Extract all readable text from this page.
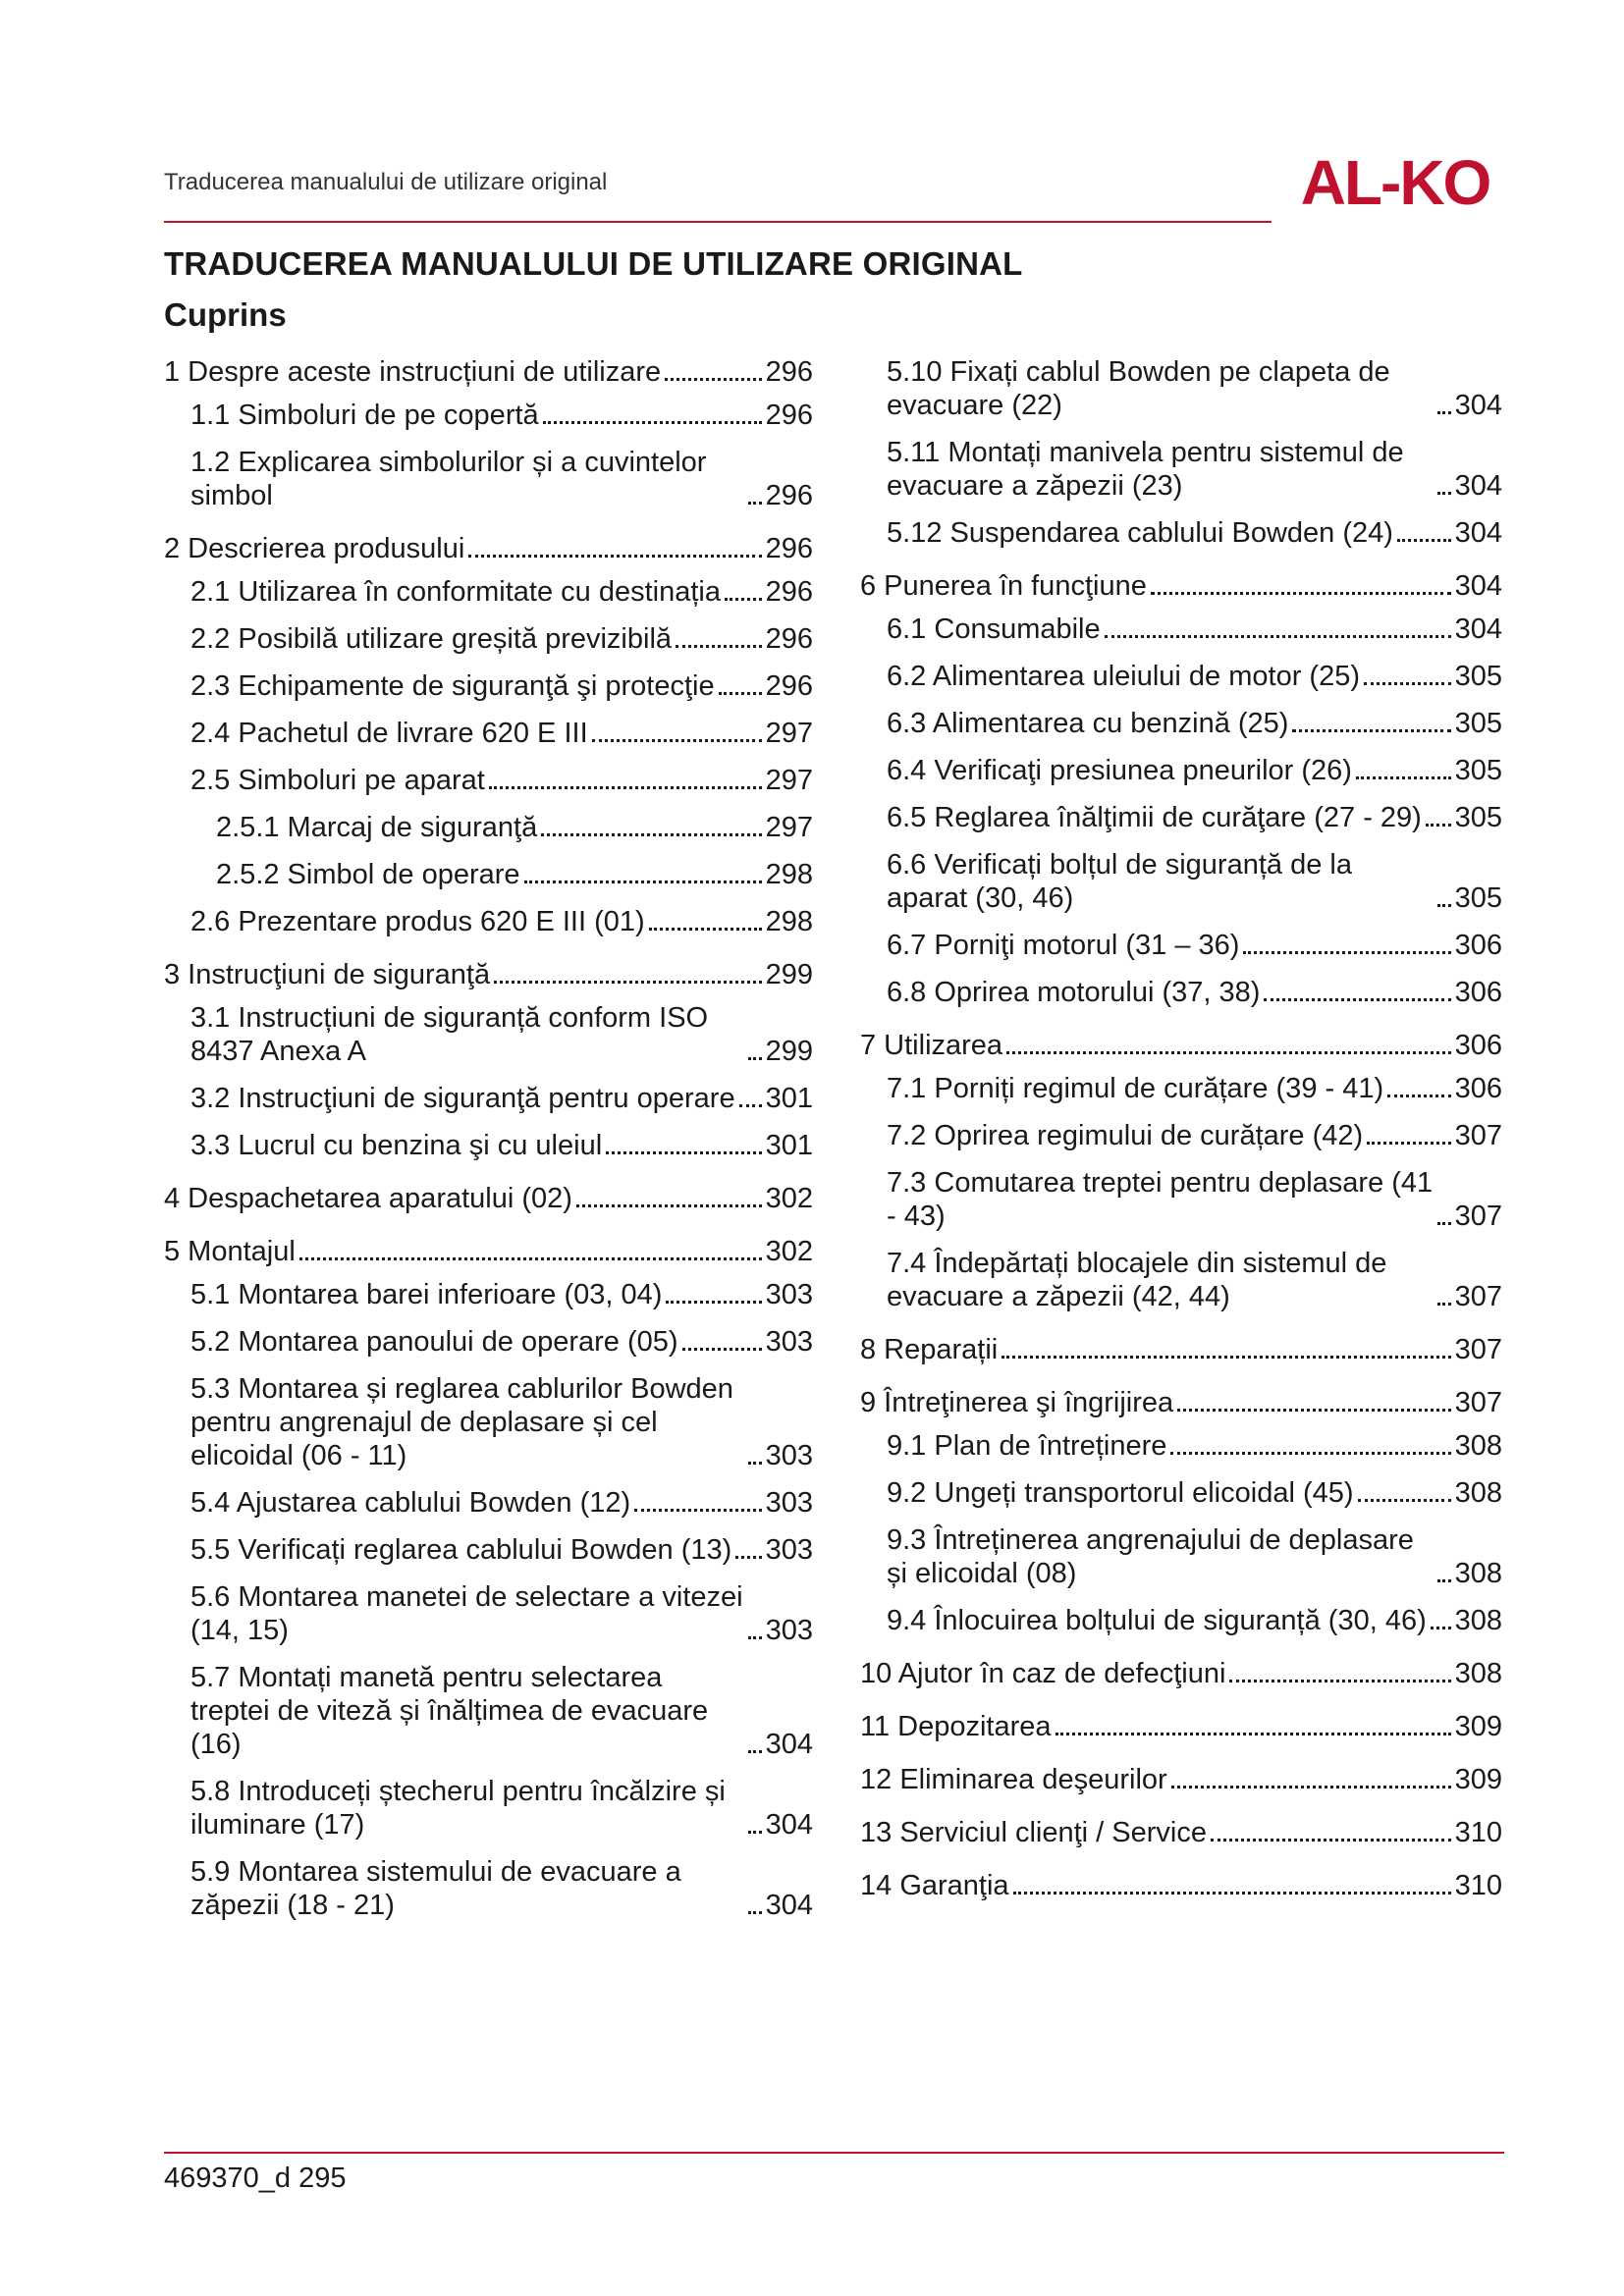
Traducerea manualului de utilizare original	AL-KO
TRADUCEREA MANUALULUI DE UTILIZARE ORIGINAL
Cuprins
1 Despre aceste instrucțiuni de utilizare	296
1.1 Simboluri de pe copertă	296
1.2 Explicarea simbolurilor și a cuvintelor simbol	296
2 Descrierea produsului	296
2.1 Utilizarea în conformitate cu destinația 296
2.2 Posibilă utilizare greșită previzibilă	296
2.3 Echipamente de siguranţă şi protecţie 296
2.4 Pachetul de livrare 620 E III	297
2.5 Simboluri pe aparat	297
2.5.1 Marcaj de siguranţă	297
2.5.2 Simbol de operare	298
2.6 Prezentare produs 620 E III (01)	298
3 Instrucţiuni de siguranţă	299
3.1 Instrucțiuni de siguranță conform ISO 8437 Anexa A	299
3.2 Instrucţiuni de siguranţă pentru operare 301
3.3 Lucrul cu benzina şi cu uleiul	301
4 Despachetarea aparatului (02)	302
5 Montajul	302
5.1 Montarea barei inferioare (03, 04)	303
5.2 Montarea panoului de operare (05)	303
5.3 Montarea și reglarea cablurilor Bowden pentru angrenajul de deplasare și cel elicoidal (06 - 11)	303
5.4 Ajustarea cablului Bowden (12)	303
5.5 Verificați reglarea cablului Bowden (13) 303
5.6 Montarea manetei de selectare a vitezei (14, 15)	303
5.7 Montați manetă pentru selectarea treptei de viteză și înălțimea de evacuare (16)	304
5.8 Introduceți ștecherul pentru încălzire și iluminare (17)	304
5.9 Montarea sistemului de evacuare a zăpezii (18 - 21)	304
5.10 Fixați cablul Bowden pe clapeta de evacuare (22)	304
5.11 Montați manivela pentru sistemul de evacuare a zăpezii (23)	304
5.12 Suspendarea cablului Bowden (24) 304
6 Punerea în funcţiune	304
6.1 Consumabile	304
6.2 Alimentarea uleiului de motor (25)	305
6.3 Alimentarea cu benzină (25)	305
6.4 Verificaţi presiunea pneurilor (26)	305
6.5 Reglarea înălţimii de curăţare (27 - 29) 305
6.6 Verificați bolțul de siguranță de la aparat (30, 46)	305
6.7 Porniţi motorul (31 – 36)	306
6.8 Oprirea motorului (37, 38)	306
7 Utilizarea	306
7.1 Porniți regimul de curățare (39 - 41) 306
7.2 Oprirea regimului de curățare (42)	307
7.3 Comutarea treptei pentru deplasare (41 - 43)	307
7.4 Îndepărtați blocajele din sistemul de evacuare a zăpezii (42, 44)	307
8 Reparații	307
9 Întreţinerea şi îngrijirea	307
9.1 Plan de întreținere	308
9.2 Ungeți transportorul elicoidal (45)	308
9.3 Întreținerea angrenajului de deplasare și elicoidal (08)	308
9.4 Înlocuirea bolțului de siguranță (30, 46) 308
10 Ajutor în caz de defecţiuni	308
11 Depozitarea	309
12 Eliminarea deşeurilor	309
13 Serviciul clienţi / Service	310
14 Garanţia	310
469370_d 295
